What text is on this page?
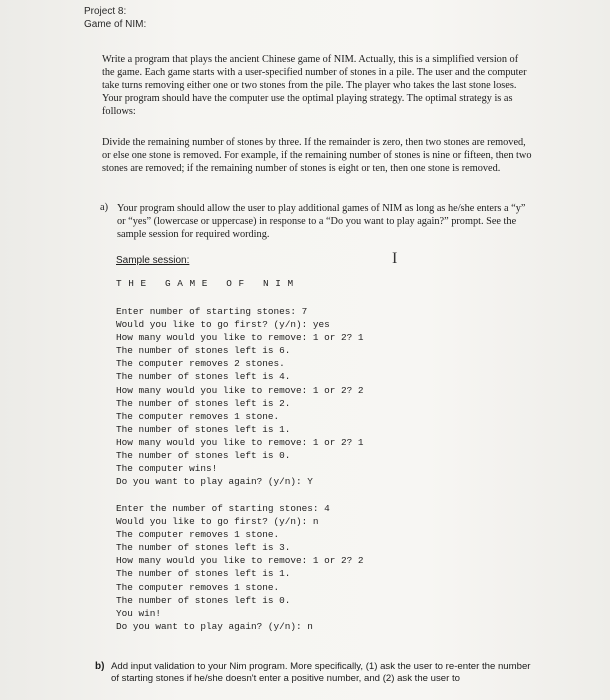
Project 8:
Game of NIM:

Write a program that plays the ancient Chinese game of NIM. Actually, this is a simplified version of the game. Each game starts with a user-specified number of stones in a pile. The user and the computer take turns removing either one or two stones from the pile. The player who takes the last stone loses. Your program should have the computer use the optimal playing strategy. The optimal strategy is as follows:

Divide the remaining number of stones by three. If the remainder is zero, then two stones are removed, or else one stone is removed. For example, if the remaining number of stones is nine or fifteen, then two stones are removed; if the remaining number of stones is eight or ten, then one stone is removed.

a) Your program should allow the user to play additional games of NIM as long as he/she enters a “y” or “yes” (lowercase or uppercase) in response to a “Do you want to play again?” prompt. See the sample session for required wording.

Sample session:	I
T H E   G A M E   O F   N I M
Enter number of starting stones: 7
Would you like to go first? (y/n): yes
How many would you like to remove: 1 or 2? 1
The number of stones left is 6.
The computer removes 2 stones.
The number of stones left is 4.
How many would you like to remove: 1 or 2? 2
The number of stones left is 2.
The computer removes 1 stone.
The number of stones left is 1.
How many would you like to remove: 1 or 2? 1
The number of stones left is 0.
The computer wins!
Do you want to play again? (y/n): Y
Enter the number of starting stones: 4
Would you like to go first? (y/n): n
The computer removes 1 stone.
The number of stones left is 3.
How many would you like to remove: 1 or 2? 2
The number of stones left is 1.
The computer removes 1 stone.
The number of stones left is 0.
You win!
Do you want to play again? (y/n): n
b) Add input validation to your Nim program. More specifically, (1) ask the user to re-enter the number of starting stones if he/she doesn't enter a positive number, and (2) ask the user to
